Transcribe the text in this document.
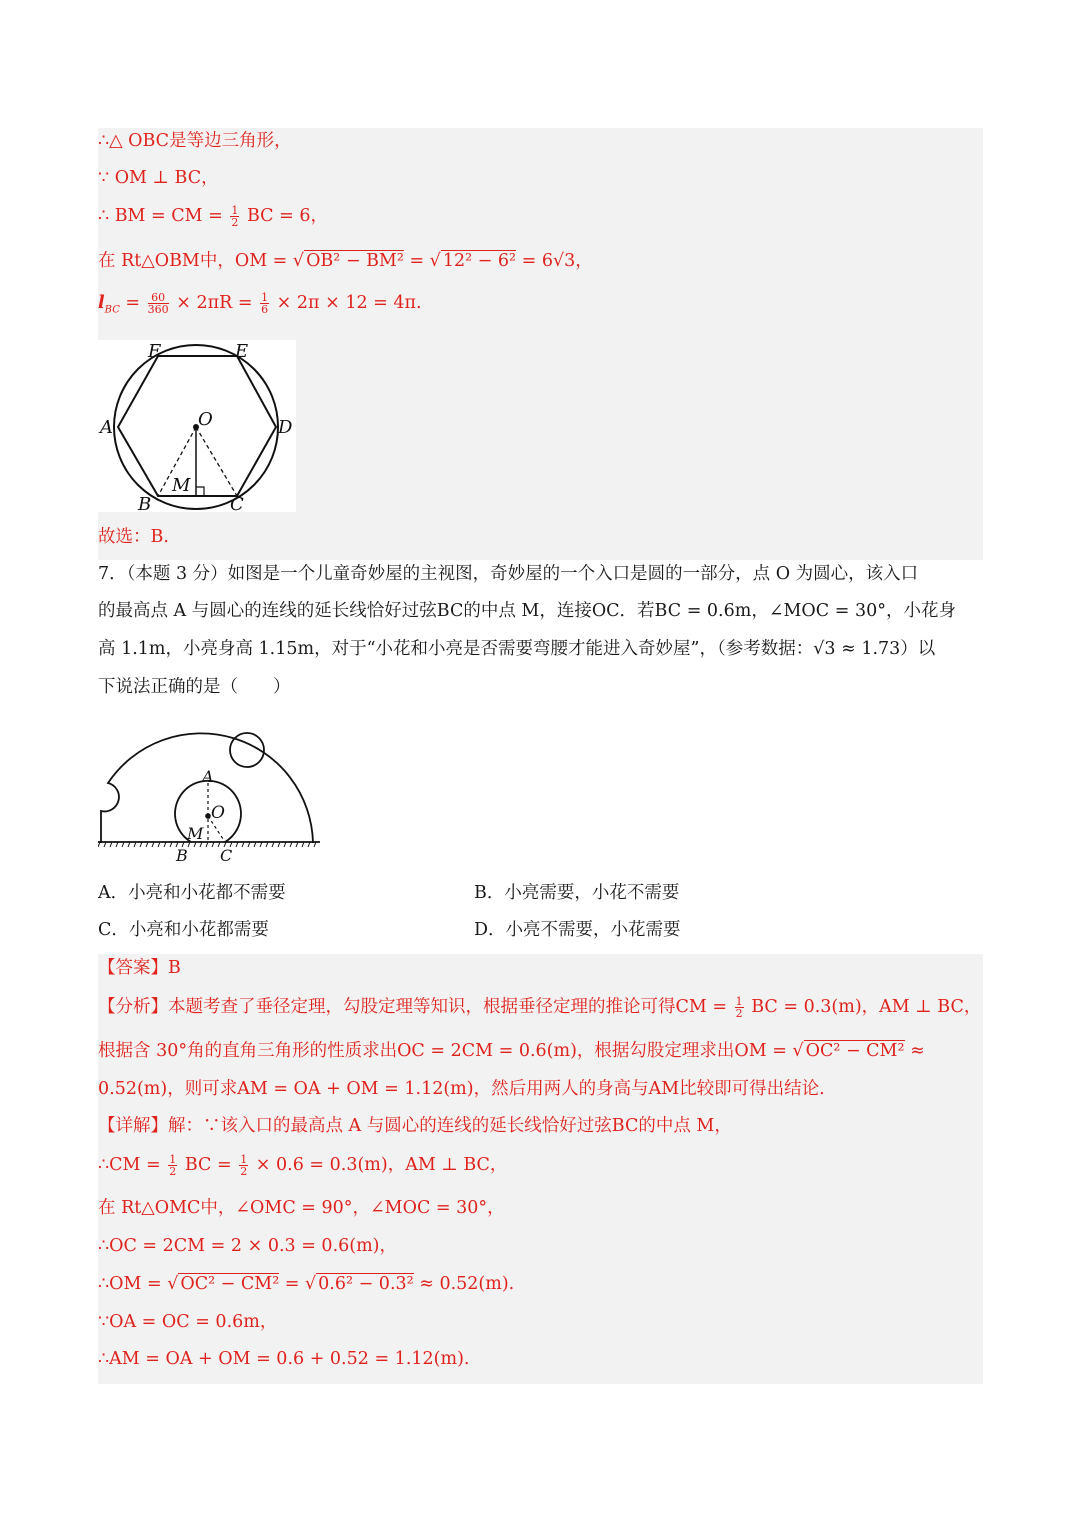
∴△ OBC是等边三角形，
∵ OM ⊥ BC，
∴ BM = CM = $\frac{1}{2}$ BC = 6，
在 Rt△OBM中，OM = √ OB² − BM² = √ 12² − 6² = 6√3，
$l_{BC} = \frac{60}{360} \times 2\pi R = \frac{1}{6} \times 2\pi \times 12 = 4\pi$.
F	E
A	O	D
M
B	C
故选：B.
7．（本题 3 分）如图是一个儿童奇妙屋的主视图，奇妙屋的一个入口是圆的一部分，点 O 为圆心，该入口
的最高点 A 与圆心的连线的延长线恰好过弦BC的中点 M，连接OC．若BC = 0.6m，∠MOC = 30°，小花身
高 1.1m，小亮身高 1.15m，对于“小花和小亮是否需要弯腰才能进入奇妙屋”，（参考数据：√3 ≈ 1.73）以
下说法正确的是（　　）
A
O
M
B C
A．小亮和小花都不需要	B．小亮需要，小花不需要
C．小亮和小花都需要	D．小亮不需要，小花需要
【答案】B
【分析】本题考查了垂径定理，勾股定理等知识，根据垂径定理的推论可得CM = $\frac{1}{2}$ BC = 0.3(m)，AM ⊥ BC，
根据含 30°角的直角三角形的性质求出OC = 2CM = 0.6(m)，根据勾股定理求出OM = √ OC² − CM² ≈
0.52(m)，则可求AM = OA + OM = 1.12(m)，然后用两人的身高与AM比较即可得出结论.
【详解】解：∵该入口的最高点 A 与圆心的连线的延长线恰好过弦BC的中点 M，
∴CM = $\frac{1}{2}$ BC = $\frac{1}{2} \times 0.6 = 0.3(m)$，AM ⊥ BC，
在 Rt△OMC中，∠OMC = 90°，∠MOC = 30°，
∴OC = 2CM = 2 × 0.3 = 0.6(m)，
∴OM = √ OC² − CM² = √ 0.6² − 0.3² ≈ 0.52(m).
∵OA = OC = 0.6m，
∴AM = OA + OM = 0.6 + 0.52 = 1.12(m).
